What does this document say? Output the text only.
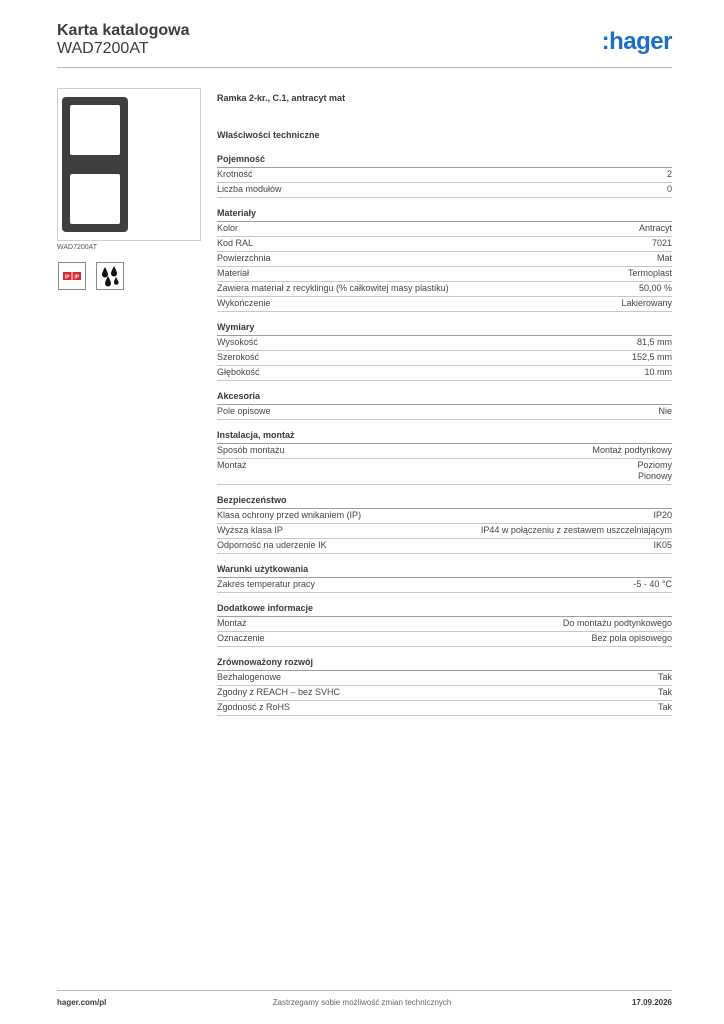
Karta katalogowa
WAD7200AT	:hager
WAD7200AT
IP IP
Ramka 2-kr., C.1, antracyt mat
Właściwości techniczne
Pojemność
Krotność	2
Liczba modułów	0
Materiały
Kolor	Antracyt
Kod RAL	7021
Powierzchnia	Mat
Materiał	Termoplast
Zawiera materiał z recyklingu (% całkowitej masy plastiku)	50,00 %
Wykończenie	Lakierowany
Wymiary
Wysokość	81,5 mm
Szerokość	152,5 mm
Głębokość	10 mm
Akcesoria
Pole opisowe	Nie
Instalacja, montaż
Sposób montażu	Montaż podtynkowy
Montaż	Poziomy
Pionowy
Bezpieczeństwo
Klasa ochrony przed wnikaniem (IP)	IP20
Wyższa klasa IP	IP44 w połączeniu z zestawem uszczelniającym
Odporność na uderzenie IK	IK05
Warunki użytkowania
Zakres temperatur pracy	-5 - 40 °C
Dodatkowe informacje
Montaż	Do montażu podtynkowego
Oznaczenie	Bez pola opisowego
Zrównoważony rozwój
Bezhalogenowe	Tak
Zgodny z REACH – bez SVHC	Tak
Zgodność z RoHS	Tak
Zastrzegamy sobie możliwość zmian technicznych
hager.com/pl	17.09.2026
